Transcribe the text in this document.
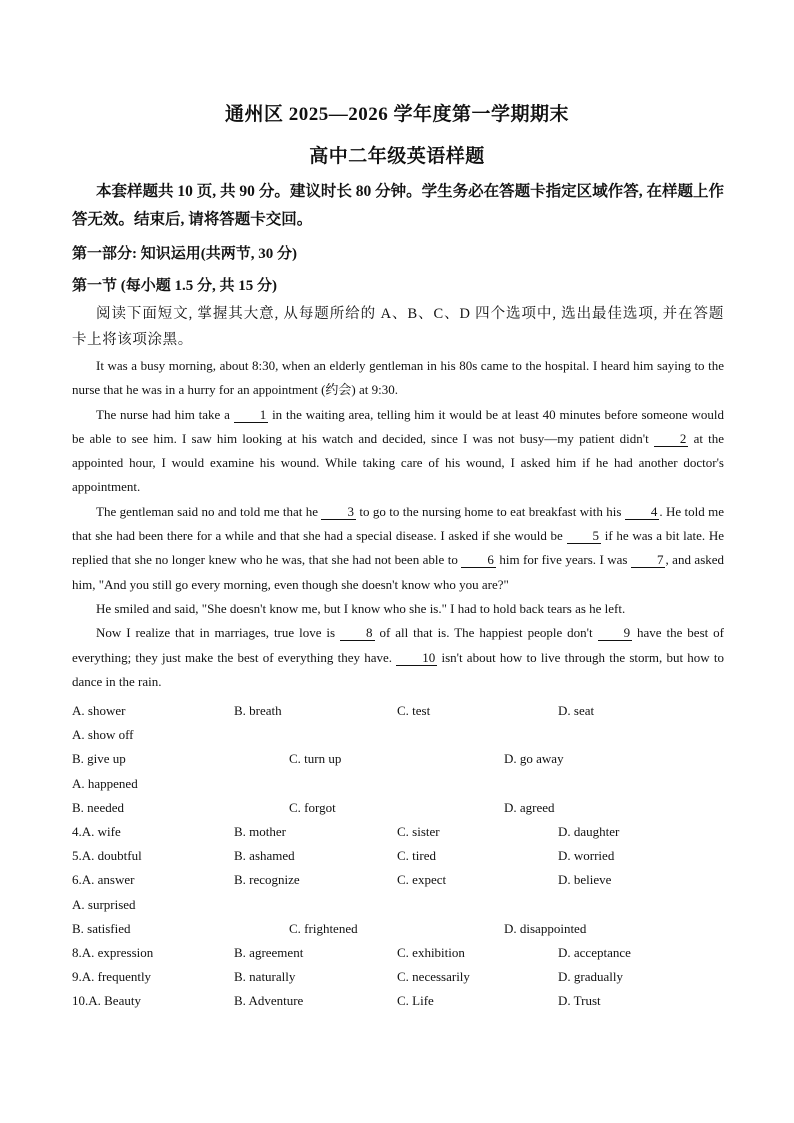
通州区 2025—2026 学年度第一学期期末
高中二年级英语样题
本套样题共 10 页, 共 90 分。建议时长 80 分钟。学生务必在答题卡指定区域作答, 在样题上作答无效。结束后, 请将答题卡交回。
第一部分: 知识运用(共两节, 30 分)
第一节 (每小题 1.5 分, 共 15 分)
阅读下面短文, 掌握其大意, 从每题所给的 A、B、C、D 四个选项中, 选出最佳选项, 并在答题卡上将该项涂黑。

It was a busy morning, about 8:30, when an elderly gentleman in his 80s came to the hospital. I heard him saying to the nurse that he was in a hurry for an appointment (约会) at 9:30.

The nurse had him take a 1 in the waiting area, telling him it would be at least 40 minutes before someone would be able to see him. I saw him looking at his watch and decided, since I was not busy—my patient didn't 2 at the appointed hour, I would examine his wound. While taking care of his wound, I asked him if he had another doctor's appointment.

The gentleman said no and told me that he 3 to go to the nursing home to eat breakfast with his 4 . He told me that she had been there for a while and that she had a special disease. I asked if she would be 5 if he was a bit late. He replied that she no longer knew who he was, that she had not been able to 6 him for five years. I was 7 , and asked him, "And you still go every morning, even though she doesn't know who you are?"

He smiled and said, "She doesn't know me, but I know who she is." I had to hold back tears as he left.

Now I realize that in marriages, true love is 8 of all that is. The happiest people don't 9 have the best of everything; they just make the best of everything they have. 10 isn't about how to live through the storm, but how to dance in the rain.

A. shower	B. breath	C. test	D. seat
A. show off
B. give up	C. turn up	D. go away
A. happened
B. needed	C. forgot	D. agreed
4.A. wife	B. mother	C. sister	D. daughter
5.A. doubtful	B. ashamed	C. tired	D. worried
6.A. answer	B. recognize	C. expect	D. believe
A. surprised
B. satisfied	C. frightened	D. disappointed
8.A. expression	B. agreement	C. exhibition	D. acceptance
9.A. frequently	B. naturally	C. necessarily	D. gradually
10.A. Beauty	B. Adventure	C. Life	D. Trust
